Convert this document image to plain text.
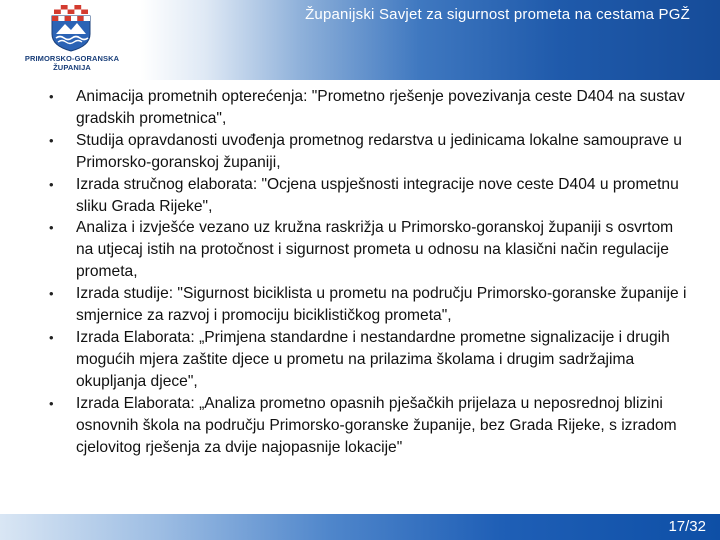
PRIMORSKO-GORANSKA
ŽUPANIJA
Županijski Savjet za sigurnost prometa na cestama PGŽ
• Animacija prometnih opterećenja: "Prometno rješenje povezivanja ceste D404 na sustav gradskih prometnica",
• Studija opravdanosti uvođenja prometnog redarstva u jedinicama lokalne samouprave u Primorsko-goranskoj županiji,
• Izrada stručnog elaborata: "Ocjena uspješnosti integracije nove ceste D404 u prometnu sliku Grada Rijeke",
• Analiza i izvješće vezano uz kružna raskrižja u Primorsko-goranskoj županiji s osvrtom na utjecaj istih na protočnost i sigurnost prometa u odnosu na klasični način regulacije prometa,
• Izrada studije: "Sigurnost biciklista u prometu na području Primorsko-goranske županije i smjernice za razvoj i promociju biciklističkog prometa",
• Izrada Elaborata: „Primjena standardne i nestandardne prometne signalizacije i drugih mogućih mjera zaštite djece u prometu na prilazima školama i drugim sadržajima okupljanja djece",
• Izrada Elaborata: „Analiza prometno opasnih pješačkih prijelaza u neposrednoj blizini osnovnih škola na području Primorsko-goranske županije, bez Grada Rijeke, s izradom cjelovitog rješenja za dvije najopasnije lokacije"
17/32
